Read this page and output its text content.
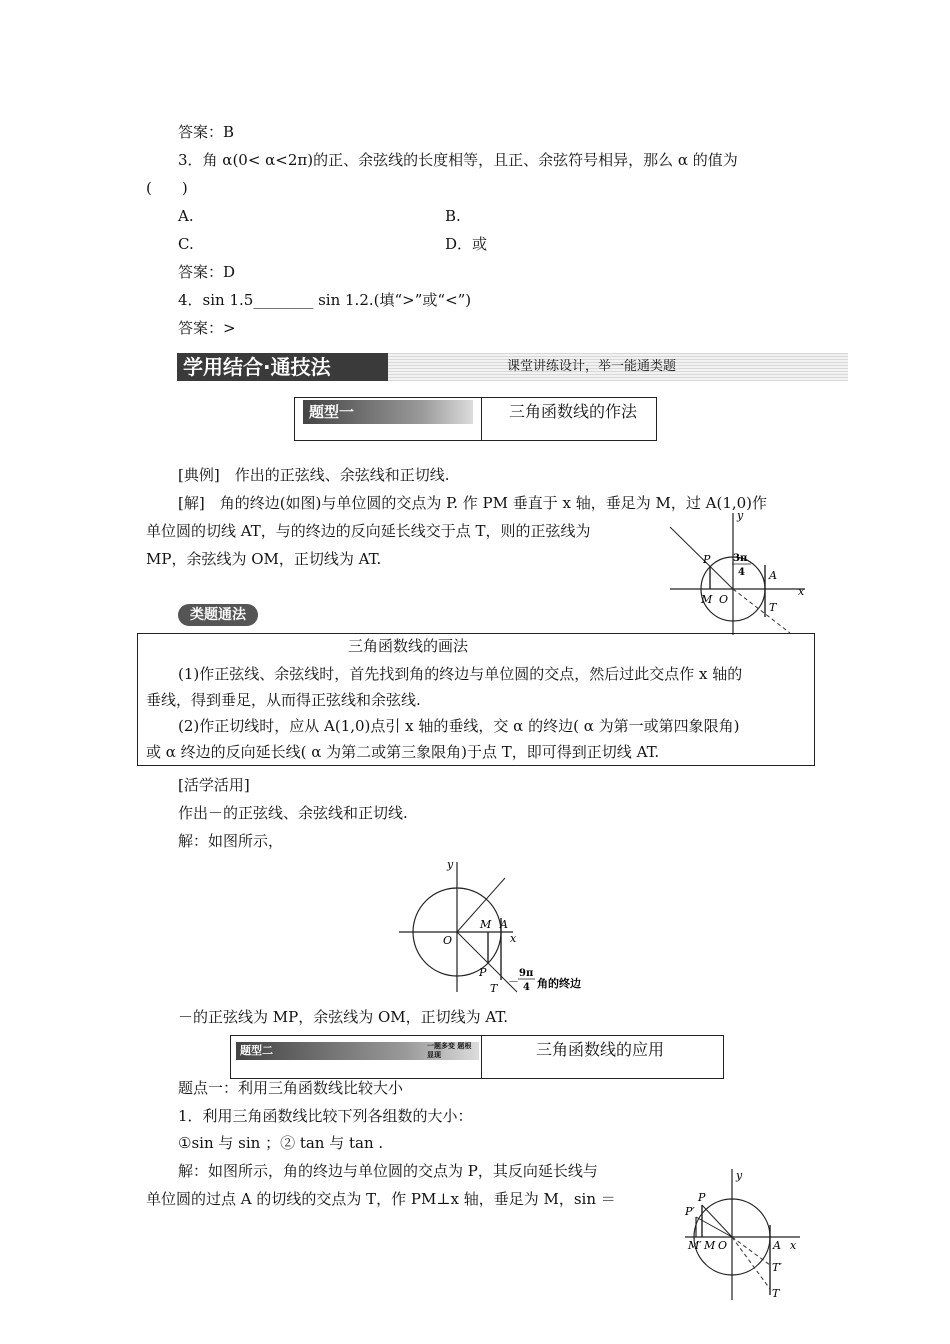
答案：B
3．角 α(0< α<2π)的正、余弦线的长度相等，且正、余弦符号相异，那么 α 的值为
(　　)
A.	B.
C.	D．或
答案：D
4．sin 1.5________ sin 1.2.(填“>”或“<”)
答案：>
学用结合·通技法	课堂讲练设计，举一能通类题
题型一	三角函数线的作法
[典例]　作出的正弦线、余弦线和正切线.
[解]　角的终边(如图)与单位圆的交点为 P. 作 PM 垂直于 x 轴，垂足为 M，过 A(1,0)作
单位圆的切线 AT，与的终边的反向延长线交于点 T，则的正弦线为
MP，余弦线为 OM，正切线为 AT.
y
x
P
M O
A
T
3π
4
类题通法
三角函数线的画法
(1)作正弦线、余弦线时，首先找到角的终边与单位圆的交点，然后过此交点作 x 轴的
垂线，得到垂足，从而得正弦线和余弦线.
(2)作正切线时，应从 A(1,0)点引 x 轴的垂线，交 α 的终边( α 为第一或第四象限角)
或 α 终边的反向延长线( α 为第二或第三象限角)于点 T，即可得到正切线 AT.
[活学活用]
作出－的正弦线、余弦线和正切线.
解：如图所示，
y
x
O
M A
P
T
－
9π
4 角的终边
－的正弦线为 MP，余弦线为 OM，正切线为 AT.
题型二	一题多变 题根显现	三角函数线的应用
题点一：利用三角函数线比较大小
1．利用三角函数线比较下列各组数的大小：
①sin 与 sin ；② tan 与 tan .
解：如图所示，角的终边与单位圆的交点为 P，其反向延长线与
单位圆的过点 A 的切线的交点为 T，作 PM⊥x 轴，垂足为 M，sin ＝
y
x
P
P′
M′ M O	A
T′
T
